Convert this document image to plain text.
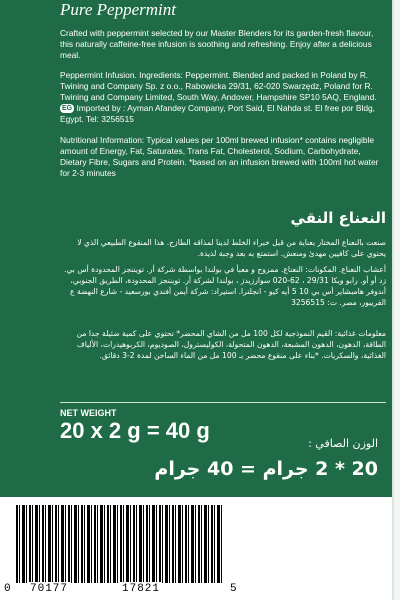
Pure Peppermint

Crafted with peppermint selected by our Master Blenders for its garden-fresh flavour, this naturally caffeine-free infusion is soothing and refreshing. Enjoy after a delicious meal.

Peppermint Infusion. Ingredients: Peppermint. Blended and packed in Poland by R. Twining and Company Sp. z o.o., Rabowicka 29/31, 62-020 Swarzędz, Poland for R. Twining and Company Limited, South Way, Andover, Hampshire SP10 5AQ, England. EG Imported by : Ayman Afandey Company, Port Said, El Nahda st. El free por Bldg, Egypt. Tel: 3256515

Nutritional Information: Typical values per 100ml brewed infusion* contains negligible amount of Energy, Fat, Saturates, Trans Fat, Cholesterol, Sodium, Carbohydrate, Dietary Fibre, Sugars and Protein. *based on an infusion brewed with 100ml hot water for 2-3 minutes

النعناع النقي

صنعت بالنعناع المختار بعناية من قبل خبراء الخلط لدينا لمذاقه الطازج. هذا المنقوع الطبيعي الذي لا يحتوي على كافيين مهدئ ومنعش. استمتع به بعد وجبة لذيذة.

أعشاب النعناع. المكونات: النعناع. ممزوج و معبأ في بولندا بواسطة شركة أر. تويننجز المحدودة أس بي. زد أو أو. رابو ويكا 29/31 ، 62-020 سوارزيدز ، بولندا لشركة أر. تويننجز المحدودة، الطريق الجنوبي، أندوفر هامبشاير أس بي 10 5 أيه كيو - انجلترا. استيراد: شركة أيمن أفندي بورسعيد - شارع النهضة ع الفريبور، مصر. ت: 3256515

معلومات غذائية: القيم النموذجية لكل 100 مل من الشاي المحضر* تحتوي على كمية ضئيلة جدا من الطاقة، الدهون، الدهون المشبعة، الدهون المتحولة، الكوليسترول، الصوديوم، الكربوهيدرات، الألياف الغذائية، والسكريات. *بناء على منقوع محضر بـ 100 مل من الماء الساخن لمدة 2-3 دقائق.

NET WEIGHT
20 x 2 g = 40 g
الوزن الصافي :
20 * 2 جرام = 40 جرام
0 70177	17821	5
